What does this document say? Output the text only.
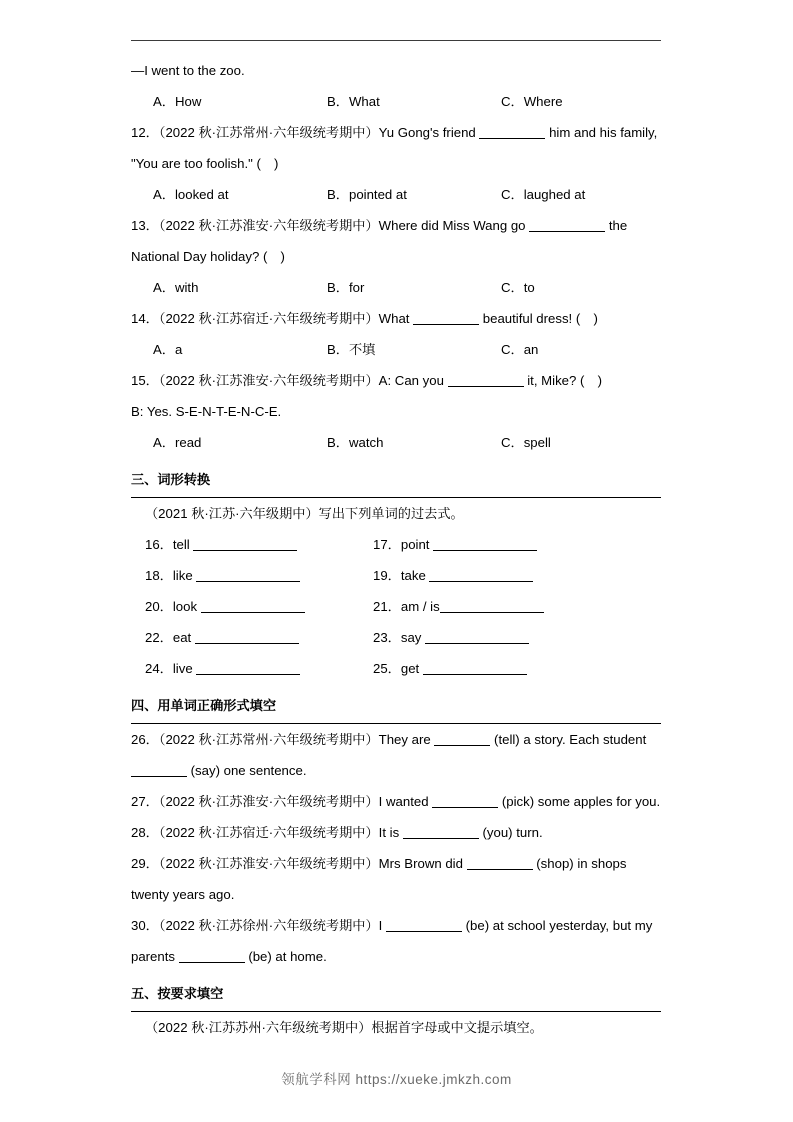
—I went to the zoo.
A．How	B．What	C．Where
12．（2022 秋·江苏常州·六年级统考期中）Yu Gong's friend	him and his family, "You are too foolish." (　)
A．looked at	B．pointed at	C．laughed at
13．（2022 秋·江苏淮安·六年级统考期中）Where did Miss Wang go	the National Day holiday? (　)
A．with	B．for	C．to
14．（2022 秋·江苏宿迁·六年级统考期中）What	beautiful dress! (　)
A．a	B．不填	C．an
15．（2022 秋·江苏淮安·六年级统考期中）A: Can you	it, Mike? (　)
B: Yes. S-E-N-T-E-N-C-E.
A．read	B．watch	C．spell
三、词形转换
（2021 秋·江苏·六年级期中）写出下列单词的过去式。
16．tell	17．point
18．like	19．take
20．look	21．am / is
22．eat	23．say
24．live	25．get
四、用单词正确形式填空
26．（2022 秋·江苏常州·六年级统考期中）They are	(tell) a story. Each student  (say) one sentence.
27．（2022 秋·江苏淮安·六年级统考期中）I wanted	(pick) some apples for you.
28．（2022 秋·江苏宿迁·六年级统考期中）It is	(you) turn.
29．（2022 秋·江苏淮安·六年级统考期中）Mrs Brown did	(shop) in shops twenty years ago.
30．（2022 秋·江苏徐州·六年级统考期中）I	(be) at school yesterday, but my parents	(be) at home.
五、按要求填空
（2022 秋·江苏苏州·六年级统考期中）根据首字母或中文提示填空。
领航学科网 https://xueke.jmkzh.com
